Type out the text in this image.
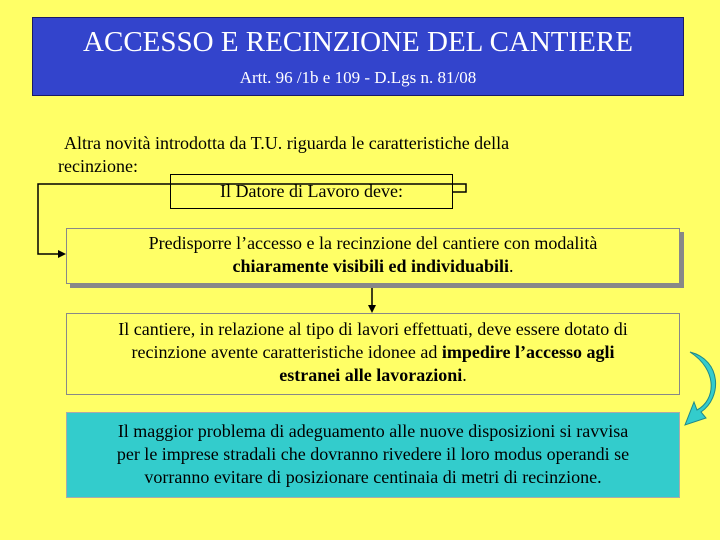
ACCESSO E RECINZIONE DEL CANTIERE
Artt. 96 /1b e 109 - D.Lgs n. 81/08
Altra novità introdotta da T.U. riguarda le caratteristiche della
recinzione:
Il Datore di Lavoro deve:
Predisporre l’accesso e la recinzione del cantiere con modalità
chiaramente visibili ed individuabili.
Il cantiere, in relazione al tipo di lavori effettuati, deve essere dotato di
recinzione avente caratteristiche idonee ad impedire l’accesso agli
estranei alle lavorazioni.
Il maggior problema di adeguamento alle nuove disposizioni si ravvisa
per le imprese stradali che dovranno rivedere il loro modus operandi se
vorranno evitare di posizionare centinaia di metri di recinzione.
